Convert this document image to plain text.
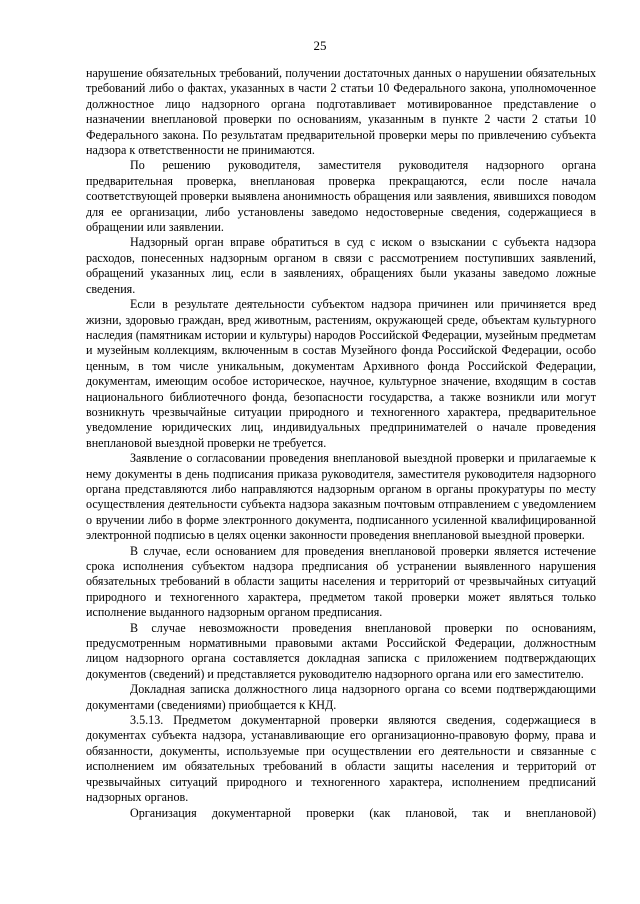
25

нарушение обязательных требований, получении достаточных данных о нарушении обязательных требований либо о фактах, указанных в части 2 статьи 10 Федерального закона, уполномоченное должностное лицо надзорного органа подготавливает мотивированное представление о назначении внеплановой проверки по основаниям, указанным в пункте 2 части 2 статьи 10 Федерального закона. По результатам предварительной проверки меры по привлечению субъекта надзора к ответственности не принимаются.

По решению руководителя, заместителя руководителя надзорного органа предварительная проверка, внеплановая проверка прекращаются, если после начала соответствующей проверки выявлена анонимность обращения или заявления, явившихся поводом для ее организации, либо установлены заведомо недостоверные сведения, содержащиеся в обращении или заявлении.

Надзорный орган вправе обратиться в суд с иском о взыскании с субъекта надзора расходов, понесенных надзорным органом в связи с рассмотрением поступивших заявлений, обращений указанных лиц, если в заявлениях, обращениях были указаны заведомо ложные сведения.

Если в результате деятельности субъектом надзора причинен или причиняется вред жизни, здоровью граждан, вред животным, растениям, окружающей среде, объектам культурного наследия (памятникам истории и культуры) народов Российской Федерации, музейным предметам и музейным коллекциям, включенным в состав Музейного фонда Российской Федерации, особо ценным, в том числе уникальным, документам Архивного фонда Российской Федерации, документам, имеющим особое историческое, научное, культурное значение, входящим в состав национального библиотечного фонда, безопасности государства, а также возникли или могут возникнуть чрезвычайные ситуации природного и техногенного характера, предварительное уведомление юридических лиц, индивидуальных предпринимателей о начале проведения внеплановой выездной проверки не требуется.

Заявление о согласовании проведения внеплановой выездной проверки и прилагаемые к нему документы в день подписания приказа руководителя, заместителя руководителя надзорного органа представляются либо направляются надзорным органом в органы прокуратуры по месту осуществления деятельности субъекта надзора заказным почтовым отправлением с уведомлением о вручении либо в форме электронного документа, подписанного усиленной квалифицированной электронной подписью в целях оценки законности проведения внеплановой выездной проверки.

В случае, если основанием для проведения внеплановой проверки является истечение срока исполнения субъектом надзора предписания об устранении выявленного нарушения обязательных требований в области защиты населения и территорий от чрезвычайных ситуаций природного и техногенного характера, предметом такой проверки может являться только исполнение выданного надзорным органом предписания.

В случае невозможности проведения внеплановой проверки по основаниям, предусмотренным нормативными правовыми актами Российской Федерации, должностным лицом надзорного органа составляется докладная записка с приложением подтверждающих документов (сведений) и представляется руководителю надзорного органа или его заместителю.

Докладная записка должностного лица надзорного органа со всеми подтверждающими документами (сведениями) приобщается к КНД.

3.5.13. Предметом документарной проверки являются сведения, содержащиеся в документах субъекта надзора, устанавливающие его организационно-правовую форму, права и обязанности, документы, используемые при осуществлении его деятельности и связанные с исполнением им обязательных требований в области защиты населения и территорий от чрезвычайных ситуаций природного и техногенного характера, исполнением предписаний надзорных органов.

Организация документарной проверки (как плановой, так и внеплановой)
